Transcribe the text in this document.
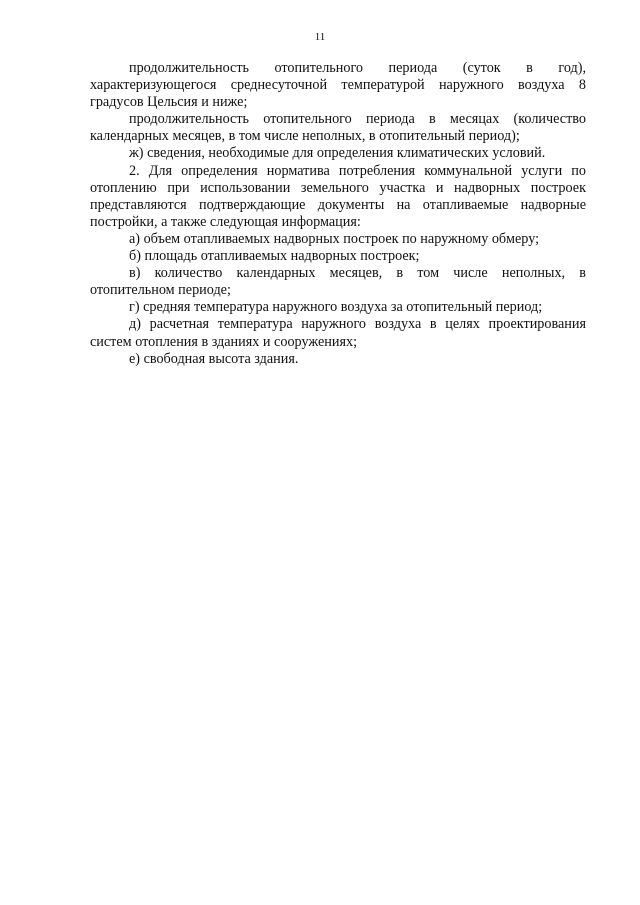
11

продолжительность отопительного периода (суток в год), характеризующегося среднесуточной температурой наружного воздуха 8 градусов Цельсия и ниже;

продолжительность отопительного периода в месяцах (количество календарных месяцев, в том числе неполных, в отопительный период);

ж) сведения, необходимые для определения климатических условий.

2. Для определения норматива потребления коммунальной услуги по отоплению при использовании земельного участка и надворных построек представляются подтверждающие документы на отапливаемые надворные постройки, а также следующая информация:

а) объем отапливаемых надворных построек по наружному обмеру;

б) площадь отапливаемых надворных построек;

в) количество календарных месяцев, в том числе неполных, в отопительном периоде;

г) средняя температура наружного воздуха за отопительный период;

д) расчетная температура наружного воздуха в целях проектирования систем отопления в зданиях и сооружениях;

е) свободная высота здания.
